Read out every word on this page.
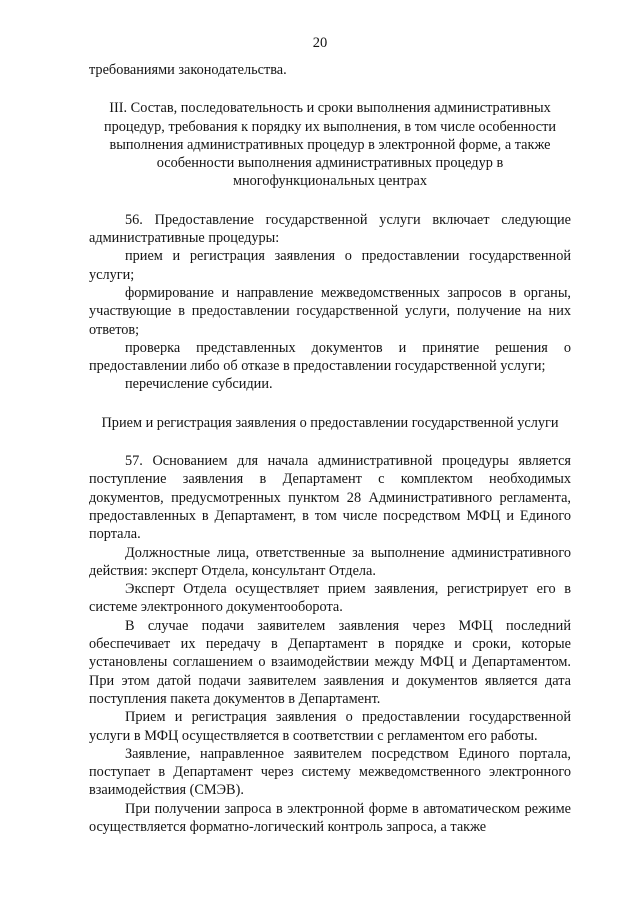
20

требованиями законодательства.

III. Состав, последовательность и сроки выполнения административных процедур, требования к порядку их выполнения, в том числе особенности выполнения административных процедур в электронной форме, а также особенности выполнения административных процедур в многофункциональных центрах

56. Предоставление государственной услуги включает следующие административные процедуры:

прием и регистрация заявления о предоставлении государственной услуги;

формирование и направление межведомственных запросов в органы, участвующие в предоставлении государственной услуги, получение на них ответов;

проверка представленных документов и принятие решения о предоставлении либо об отказе в предоставлении государственной услуги;

перечисление субсидии.

Прием и регистрация заявления о предоставлении государственной услуги

57. Основанием для начала административной процедуры является поступление заявления в Департамент с комплектом необходимых документов, предусмотренных пунктом 28 Административного регламента, предоставленных в Департамент, в том числе посредством МФЦ и Единого портала.

Должностные лица, ответственные за выполнение административного действия: эксперт Отдела, консультант Отдела.

Эксперт Отдела осуществляет прием заявления, регистрирует его в системе электронного документооборота.

В случае подачи заявителем заявления через МФЦ последний обеспечивает их передачу в Департамент в порядке и сроки, которые установлены соглашением о взаимодействии между МФЦ и Департаментом. При этом датой подачи заявителем заявления и документов является дата поступления пакета документов в Департамент.

Прием и регистрация заявления о предоставлении государственной услуги в МФЦ осуществляется в соответствии с регламентом его работы.

Заявление, направленное заявителем посредством Единого портала, поступает в Департамент через систему межведомственного электронного взаимодействия (СМЭВ).

При получении запроса в электронной форме в автоматическом режиме осуществляется форматно-логический контроль запроса, а также
